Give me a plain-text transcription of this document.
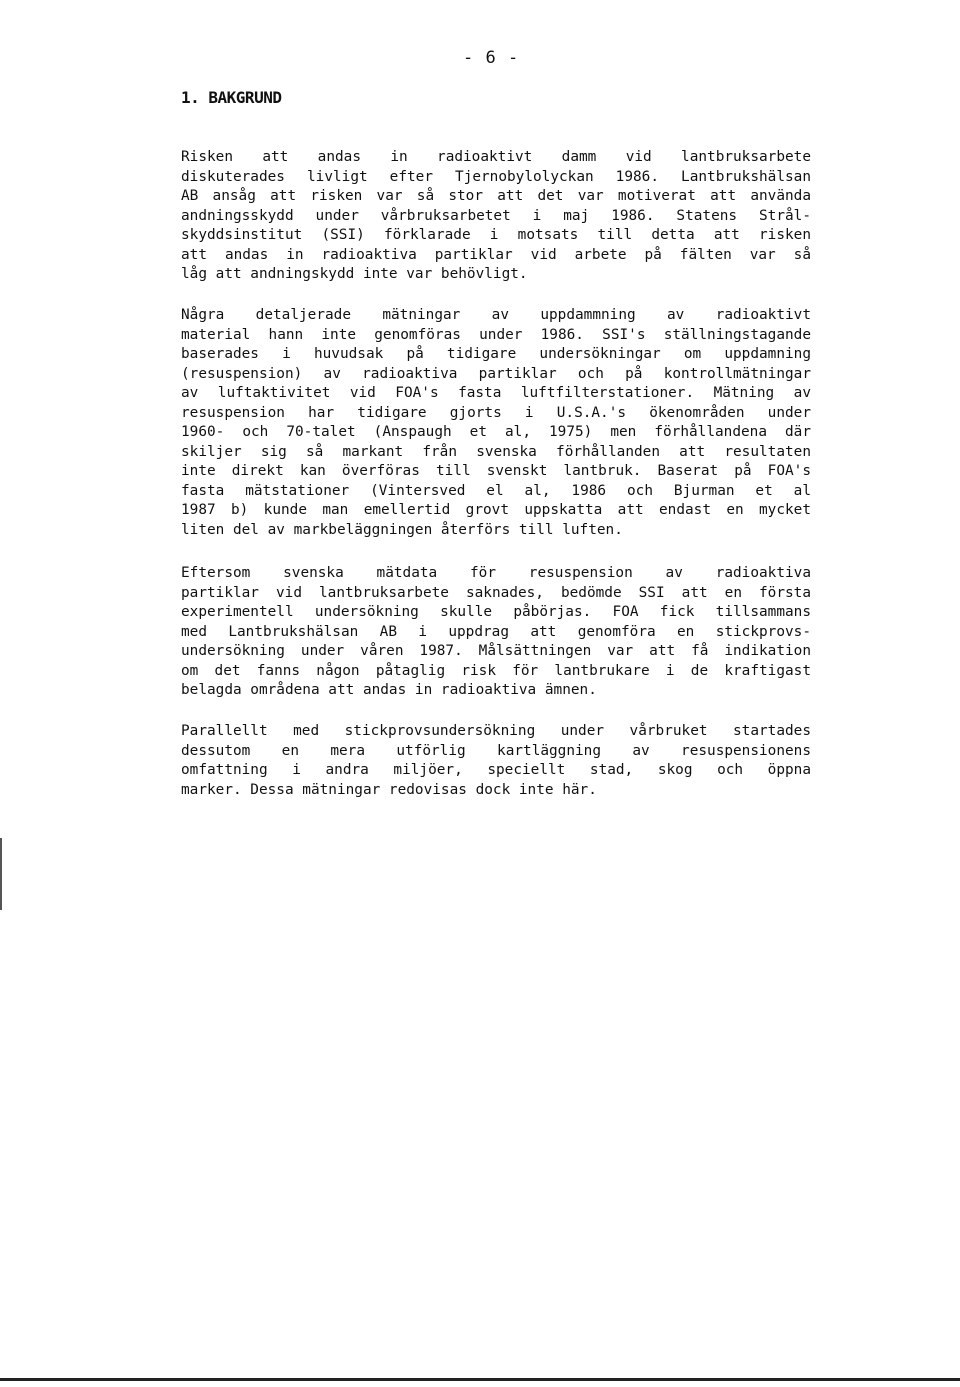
- 6 -
1. BAKGRUND
Risken att andas in radioaktivt damm vid lantbruksarbete
diskuterades livligt efter Tjernobylolyckan 1986. Lantbrukshälsan
AB ansåg att risken var så stor att det var motiverat att använda
andningsskydd under vårbruksarbetet i maj 1986. Statens Strål-
skyddsinstitut (SSI) förklarade i motsats till detta att risken
att andas in radioaktiva partiklar vid arbete på fälten var så
låg att andningskydd inte var behövligt.
Några detaljerade mätningar av uppdammning av radioaktivt
material hann inte genomföras under 1986. SSI's ställningstagande
baserades i huvudsak på tidigare undersökningar om uppdamning
(resuspension) av radioaktiva partiklar och på kontrollmätningar
av luftaktivitet vid FOA's fasta luftfilterstationer. Mätning av
resuspension har tidigare gjorts i U.S.A.'s ökenområden under
1960- och 70-talet (Anspaugh et al, 1975) men förhållandena där
skiljer sig så markant från svenska förhållanden att resultaten
inte direkt kan överföras till svenskt lantbruk. Baserat på FOA's
fasta mätstationer (Vintersved el al, 1986 och Bjurman et al
1987 b) kunde man emellertid grovt uppskatta att endast en mycket
liten del av markbeläggningen återförs till luften.
Eftersom svenska mätdata för resuspension av radioaktiva
partiklar vid lantbruksarbete saknades, bedömde SSI att en första
experimentell undersökning skulle påbörjas. FOA fick tillsammans
med Lantbrukshälsan AB i uppdrag att genomföra en stickprovs-
undersökning under våren 1987. Målsättningen var att få indikation
om det fanns någon påtaglig risk för lantbrukare i de kraftigast
belagda områdena att andas in radioaktiva ämnen.
Parallellt med stickprovsundersökning under vårbruket startades
dessutom en mera utförlig kartläggning av resuspensionens
omfattning i andra miljöer, speciellt stad, skog och öppna
marker. Dessa mätningar redovisas dock inte här.
